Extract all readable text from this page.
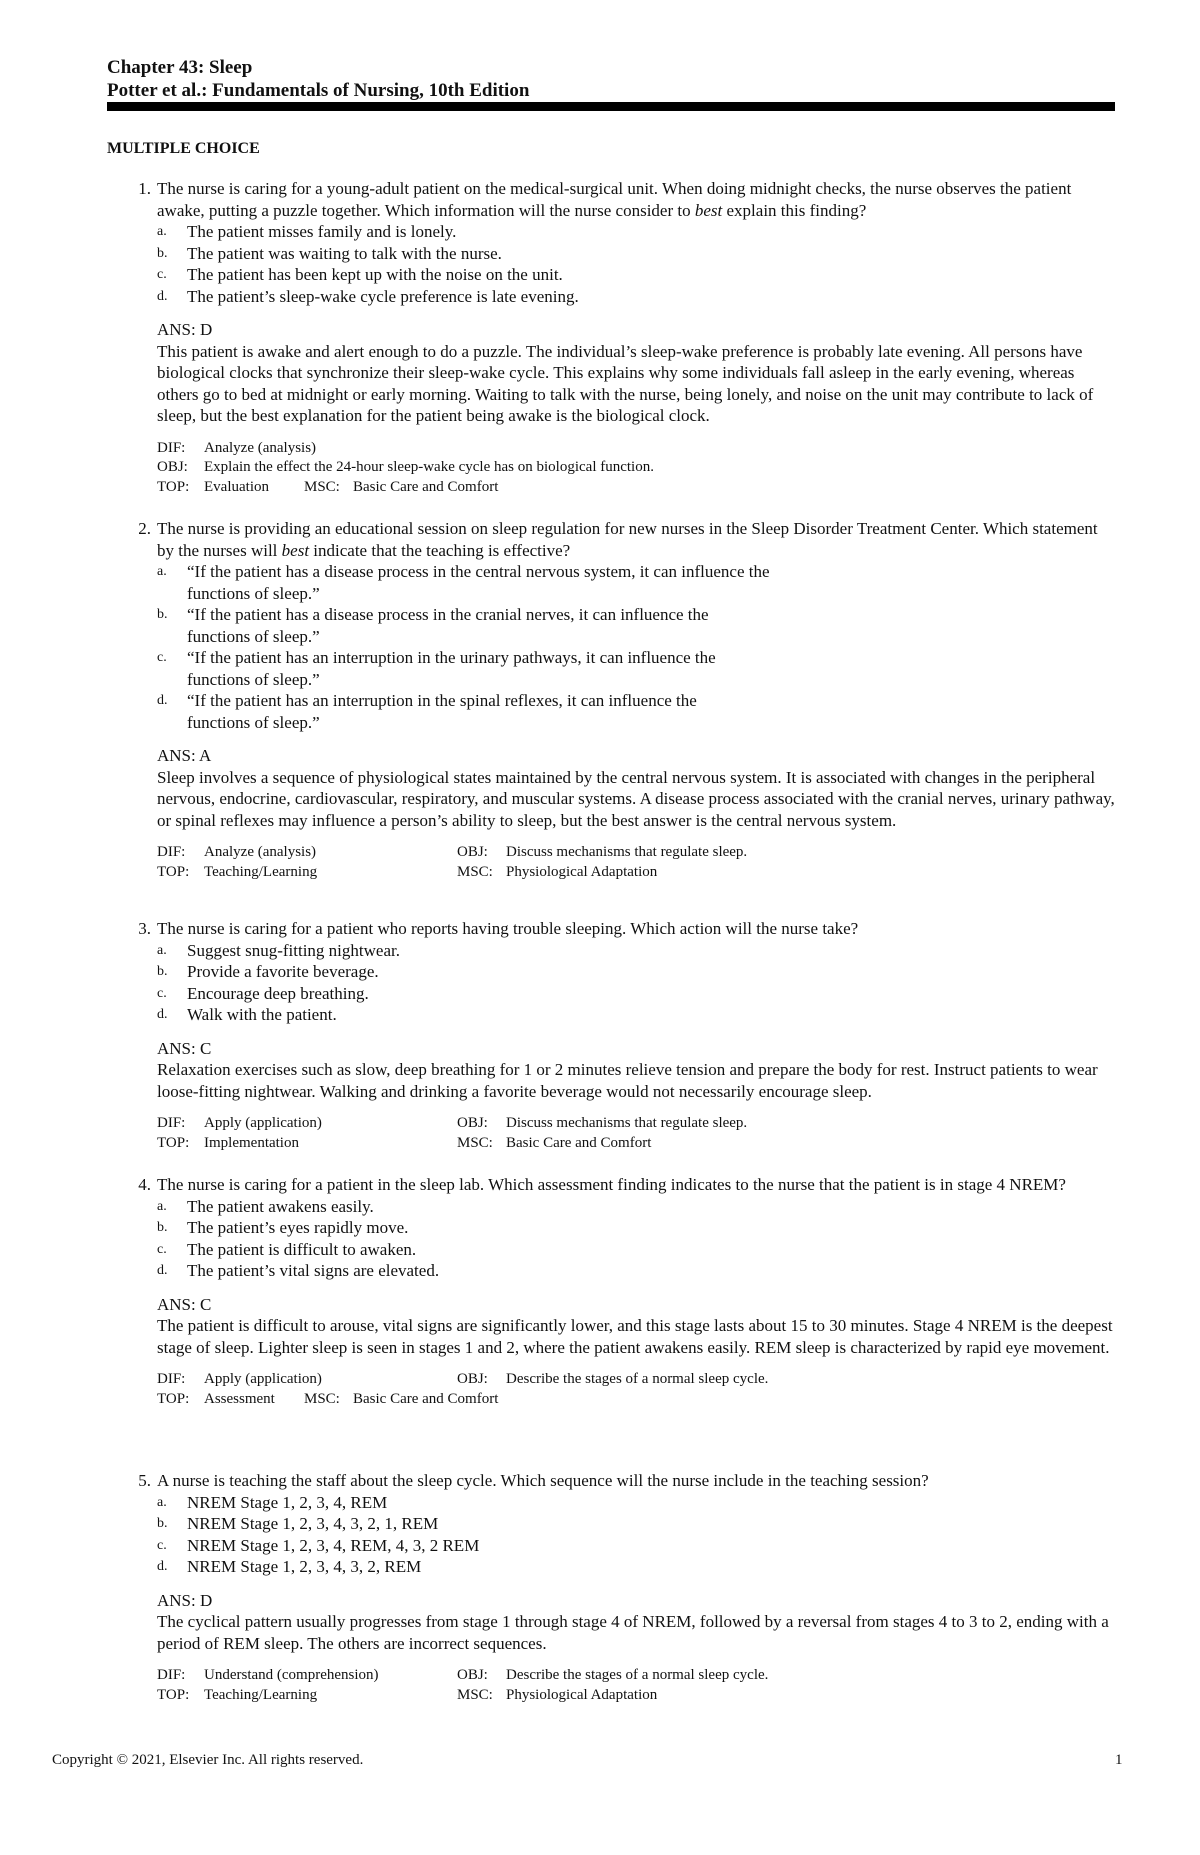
Chapter 43: Sleep
Potter et al.: Fundamentals of Nursing, 10th Edition
MULTIPLE CHOICE
1. The nurse is caring for a young-adult patient on the medical-surgical unit. When doing midnight checks, the nurse observes the patient awake, putting a puzzle together. Which information will the nurse consider to best explain this finding?
a.	The patient misses family and is lonely.
b.	The patient was waiting to talk with the nurse.
c.	The patient has been kept up with the noise on the unit.
d.	The patient’s sleep-wake cycle preference is late evening.
ANS: D
This patient is awake and alert enough to do a puzzle. The individual’s sleep-wake preference is probably late evening. All persons have biological clocks that synchronize their sleep-wake cycle. This explains why some individuals fall asleep in the early evening, whereas others go to bed at midnight or early morning. Waiting to talk with the nurse, being lonely, and noise on the unit may contribute to lack of sleep, but the best explanation for the patient being awake is the biological clock.
DIF:	Analyze (analysis)
OBJ:	Explain the effect the 24-hour sleep-wake cycle has on biological function.
TOP: Evaluation	MSC: Basic Care and Comfort
2. The nurse is providing an educational session on sleep regulation for new nurses in the Sleep Disorder Treatment Center. Which statement by the nurses will best indicate that the teaching is effective?
a.	“If the patient has a disease process in the central nervous system, it can influence the functions of sleep.”
b.	“If the patient has a disease process in the cranial nerves, it can influence the functions of sleep.”
c.	“If the patient has an interruption in the urinary pathways, it can influence the functions of sleep.”
d.	“If the patient has an interruption in the spinal reflexes, it can influence the functions of sleep.”
ANS: A
Sleep involves a sequence of physiological states maintained by the central nervous system. It is associated with changes in the peripheral nervous, endocrine, cardiovascular, respiratory, and muscular systems. A disease process associated with the cranial nerves, urinary pathway, or spinal reflexes may influence a person’s ability to sleep, but the best answer is the central nervous system.
DIF:	Analyze (analysis)	OBJ:	Discuss mechanisms that regulate sleep.
TOP: Teaching/Learning	MSC: Physiological Adaptation
3. The nurse is caring for a patient who reports having trouble sleeping. Which action will the nurse take?
a.	Suggest snug-fitting nightwear.
b.	Provide a favorite beverage.
c.	Encourage deep breathing.
d.	Walk with the patient.
ANS: C
Relaxation exercises such as slow, deep breathing for 1 or 2 minutes relieve tension and prepare the body for rest. Instruct patients to wear loose-fitting nightwear. Walking and drinking a favorite beverage would not necessarily encourage sleep.
DIF:	Apply (application)	OBJ:	Discuss mechanisms that regulate sleep.
TOP: Implementation	MSC: Basic Care and Comfort
4. The nurse is caring for a patient in the sleep lab. Which assessment finding indicates to the nurse that the patient is in stage 4 NREM?
a.	The patient awakens easily.
b.	The patient’s eyes rapidly move.
c.	The patient is difficult to awaken.
d.	The patient’s vital signs are elevated.
ANS: C
The patient is difficult to arouse, vital signs are significantly lower, and this stage lasts about 15 to 30 minutes. Stage 4 NREM is the deepest stage of sleep. Lighter sleep is seen in stages 1 and 2, where the patient awakens easily. REM sleep is characterized by rapid eye movement.
DIF:	Apply (application)	OBJ:	Describe the stages of a normal sleep cycle.
TOP: Assessment	MSC: Basic Care and Comfort
5. A nurse is teaching the staff about the sleep cycle. Which sequence will the nurse include in the teaching session?
a.	NREM Stage 1, 2, 3, 4, REM
b.	NREM Stage 1, 2, 3, 4, 3, 2, 1, REM
c.	NREM Stage 1, 2, 3, 4, REM, 4, 3, 2 REM
d.	NREM Stage 1, 2, 3, 4, 3, 2, REM
ANS: D
The cyclical pattern usually progresses from stage 1 through stage 4 of NREM, followed by a reversal from stages 4 to 3 to 2, ending with a period of REM sleep. The others are incorrect sequences.
DIF:	Understand (comprehension)	OBJ:	Describe the stages of a normal sleep cycle.
TOP: Teaching/Learning	MSC: Physiological Adaptation
Copyright © 2021, Elsevier Inc. All rights reserved.	1
